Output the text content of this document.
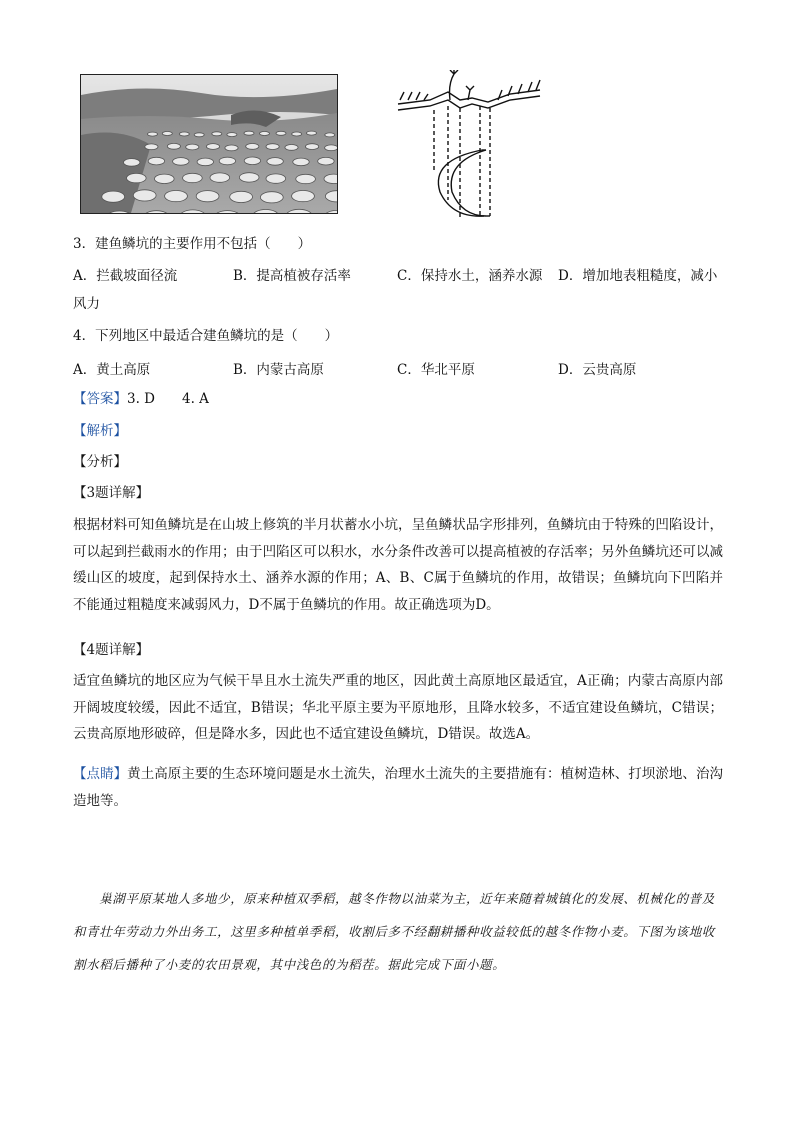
3．建鱼鳞坑的主要作用不包括（　　）
A．拦截坡面径流	B．提高植被存活率	C．保持水土，涵养水源 D．增加地表粗糙度，减小
风力
4．下列地区中最适合建鱼鳞坑的是（　　）
A．黄土高原	B．内蒙古高原	C．华北平原	D．云贵高原
【答案】3. D　　4. A
【解析】
【分析】
【3题详解】
根据材料可知鱼鳞坑是在山坡上修筑的半月状蓄水小坑，呈鱼鳞状品字形排列，鱼鳞坑由于特殊的凹陷设计，可以起到拦截雨水的作用；由于凹陷区可以积水，水分条件改善可以提高植被的存活率；另外鱼鳞坑还可以减缓山区的坡度，起到保持水土、涵养水源的作用；A、B、C属于鱼鳞坑的作用，故错误；鱼鳞坑向下凹陷并不能通过粗糙度来减弱风力，D不属于鱼鳞坑的作用。故正确选项为D。
【4题详解】
适宜鱼鳞坑的地区应为气候干旱且水土流失严重的地区，因此黄土高原地区最适宜，A正确；内蒙古高原内部开阔坡度较缓，因此不适宜，B错误；华北平原主要为平原地形，且降水较多，不适宜建设鱼鳞坑，C错误；云贵高原地形破碎，但是降水多，因此也不适宜建设鱼鳞坑，D错误。故选A。
【点睛】黄土高原主要的生态环境问题是水土流失，治理水土流失的主要措施有：植树造林、打坝淤地、治沟造地等。
　　巢湖平原某地人多地少，原来种植双季稻，越冬作物以油菜为主，近年来随着城镇化的发展、机械化的普及和青壮年劳动力外出务工，这里多种植单季稻，收割后多不经翻耕播种收益较低的越冬作物小麦。下图为该地收割水稻后播种了小麦的农田景观，其中浅色的为稻茬。据此完成下面小题。
